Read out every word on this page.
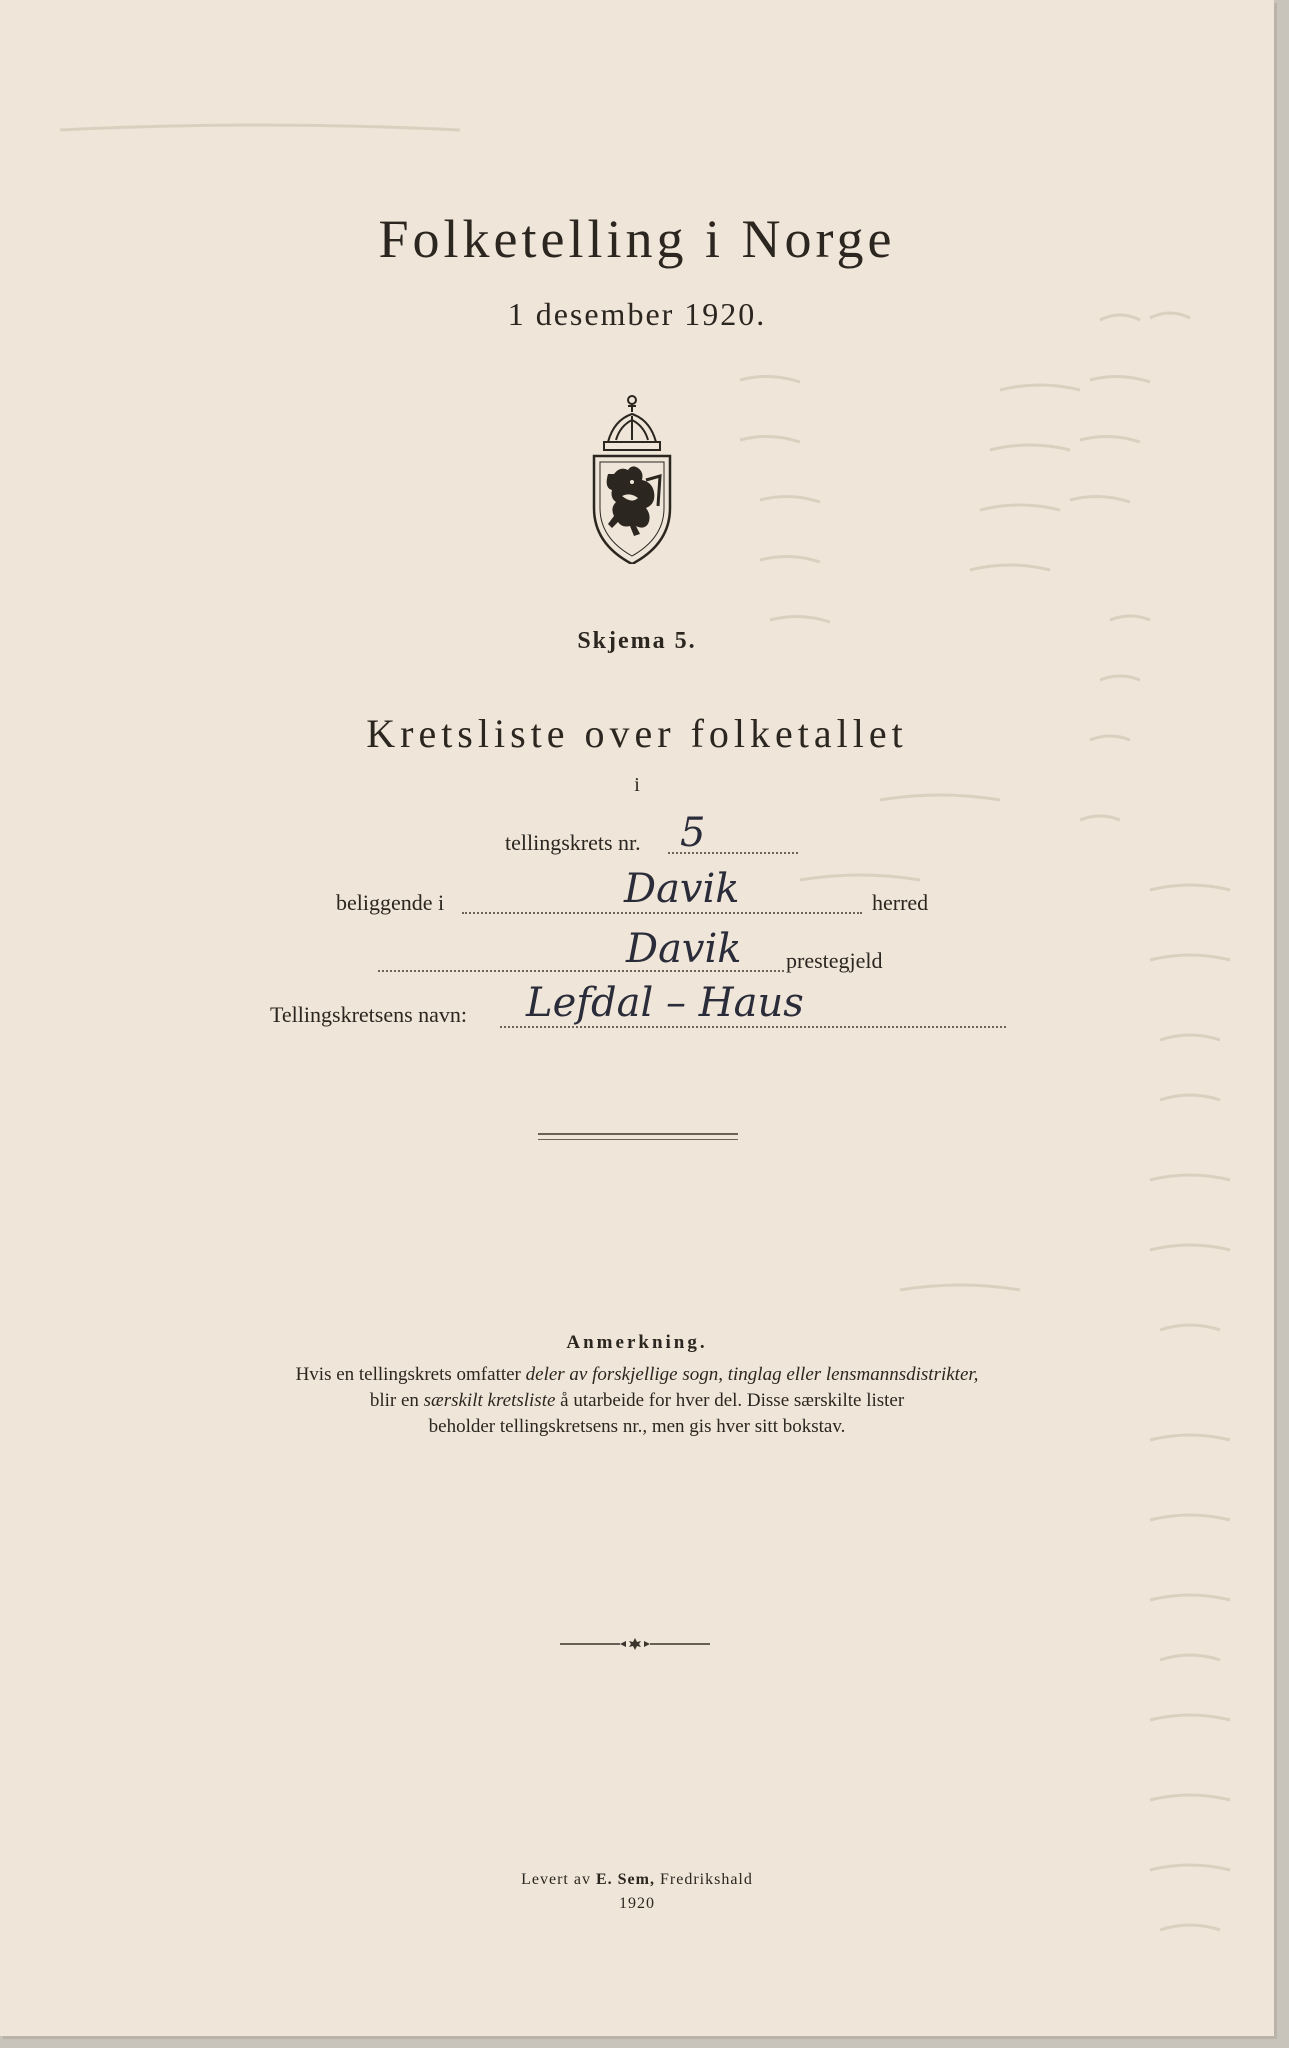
Folketelling i Norge
1 desember 1920.
Skjema 5.
Kretsliste over folketallet
i
tellingskrets nr. 5
beliggende i	Davik	herred
Davik prestegjeld
Tellingskretsens navn: Lefdal – Haus
Anmerkning.
Hvis en tellingskrets omfatter deler av forskjellige sogn, tinglag eller lensmannsdistrikter,
blir en særskilt kretsliste å utarbeide for hver del. Disse særskilte lister
beholder tellingskretsens nr., men gis hver sitt bokstav.
Levert av E. Sem, Fredrikshald
1920
